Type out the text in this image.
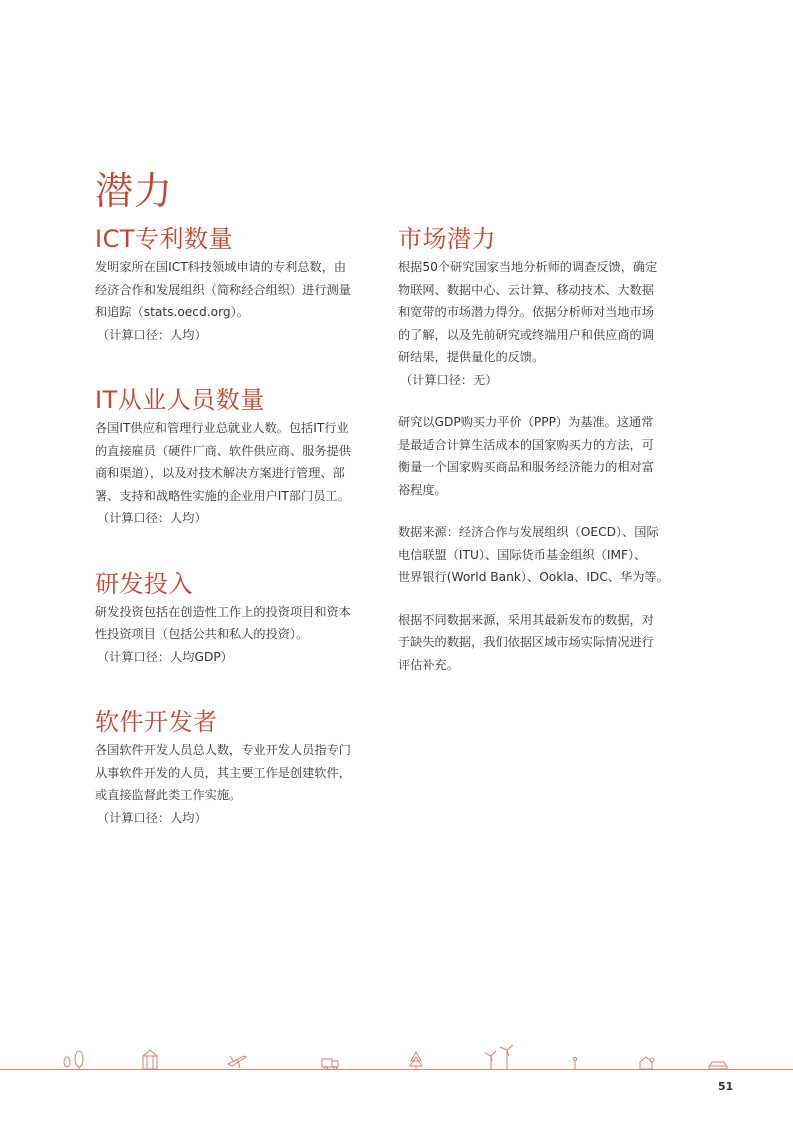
潜力
ICT专利数量

发明家所在国ICT科技领域申请的专利总数，由

经济合作和发展组织（简称经合组织）进行测量

和追踪（stats.oecd.org）。

（计算口径：人均）

IT从业人员数量

各国IT供应和管理行业总就业人数。包括IT行业

的直接雇员（硬件厂商、软件供应商、服务提供

商和渠道），以及对技术解决方案进行管理、部

署、支持和战略性实施的企业用户IT部门员工。

（计算口径：人均）

研发投入

研发投资包括在创造性工作上的投资项目和资本

性投资项目（包括公共和私人的投资）。

（计算口径：人均GDP）

软件开发者

各国软件开发人员总人数，专业开发人员指专门

从事软件开发的人员，其主要工作是创建软件，

或直接监督此类工作实施。

（计算口径：人均）

市场潜力

根据50个研究国家当地分析师的调查反馈，确定

物联网、数据中心、云计算、移动技术、大数据

和宽带的市场潜力得分。依据分析师对当地市场

的了解，以及先前研究或终端用户和供应商的调

研结果，提供量化的反馈。

（计算口径：无）

研究以GDP购买力平价（PPP）为基准。这通常

是最适合计算生活成本的国家购买力的方法，可

衡量一个国家购买商品和服务经济能力的相对富

裕程度。

数据来源：经济合作与发展组织（OECD）、国际

电信联盟（ITU）、国际货币基金组织（IMF）、

世界银行(World Bank）、Ookla、IDC、华为等。

根据不同数据来源，采用其最新发布的数据，对

于缺失的数据，我们依据区域市场实际情况进行

评估补充。

51
